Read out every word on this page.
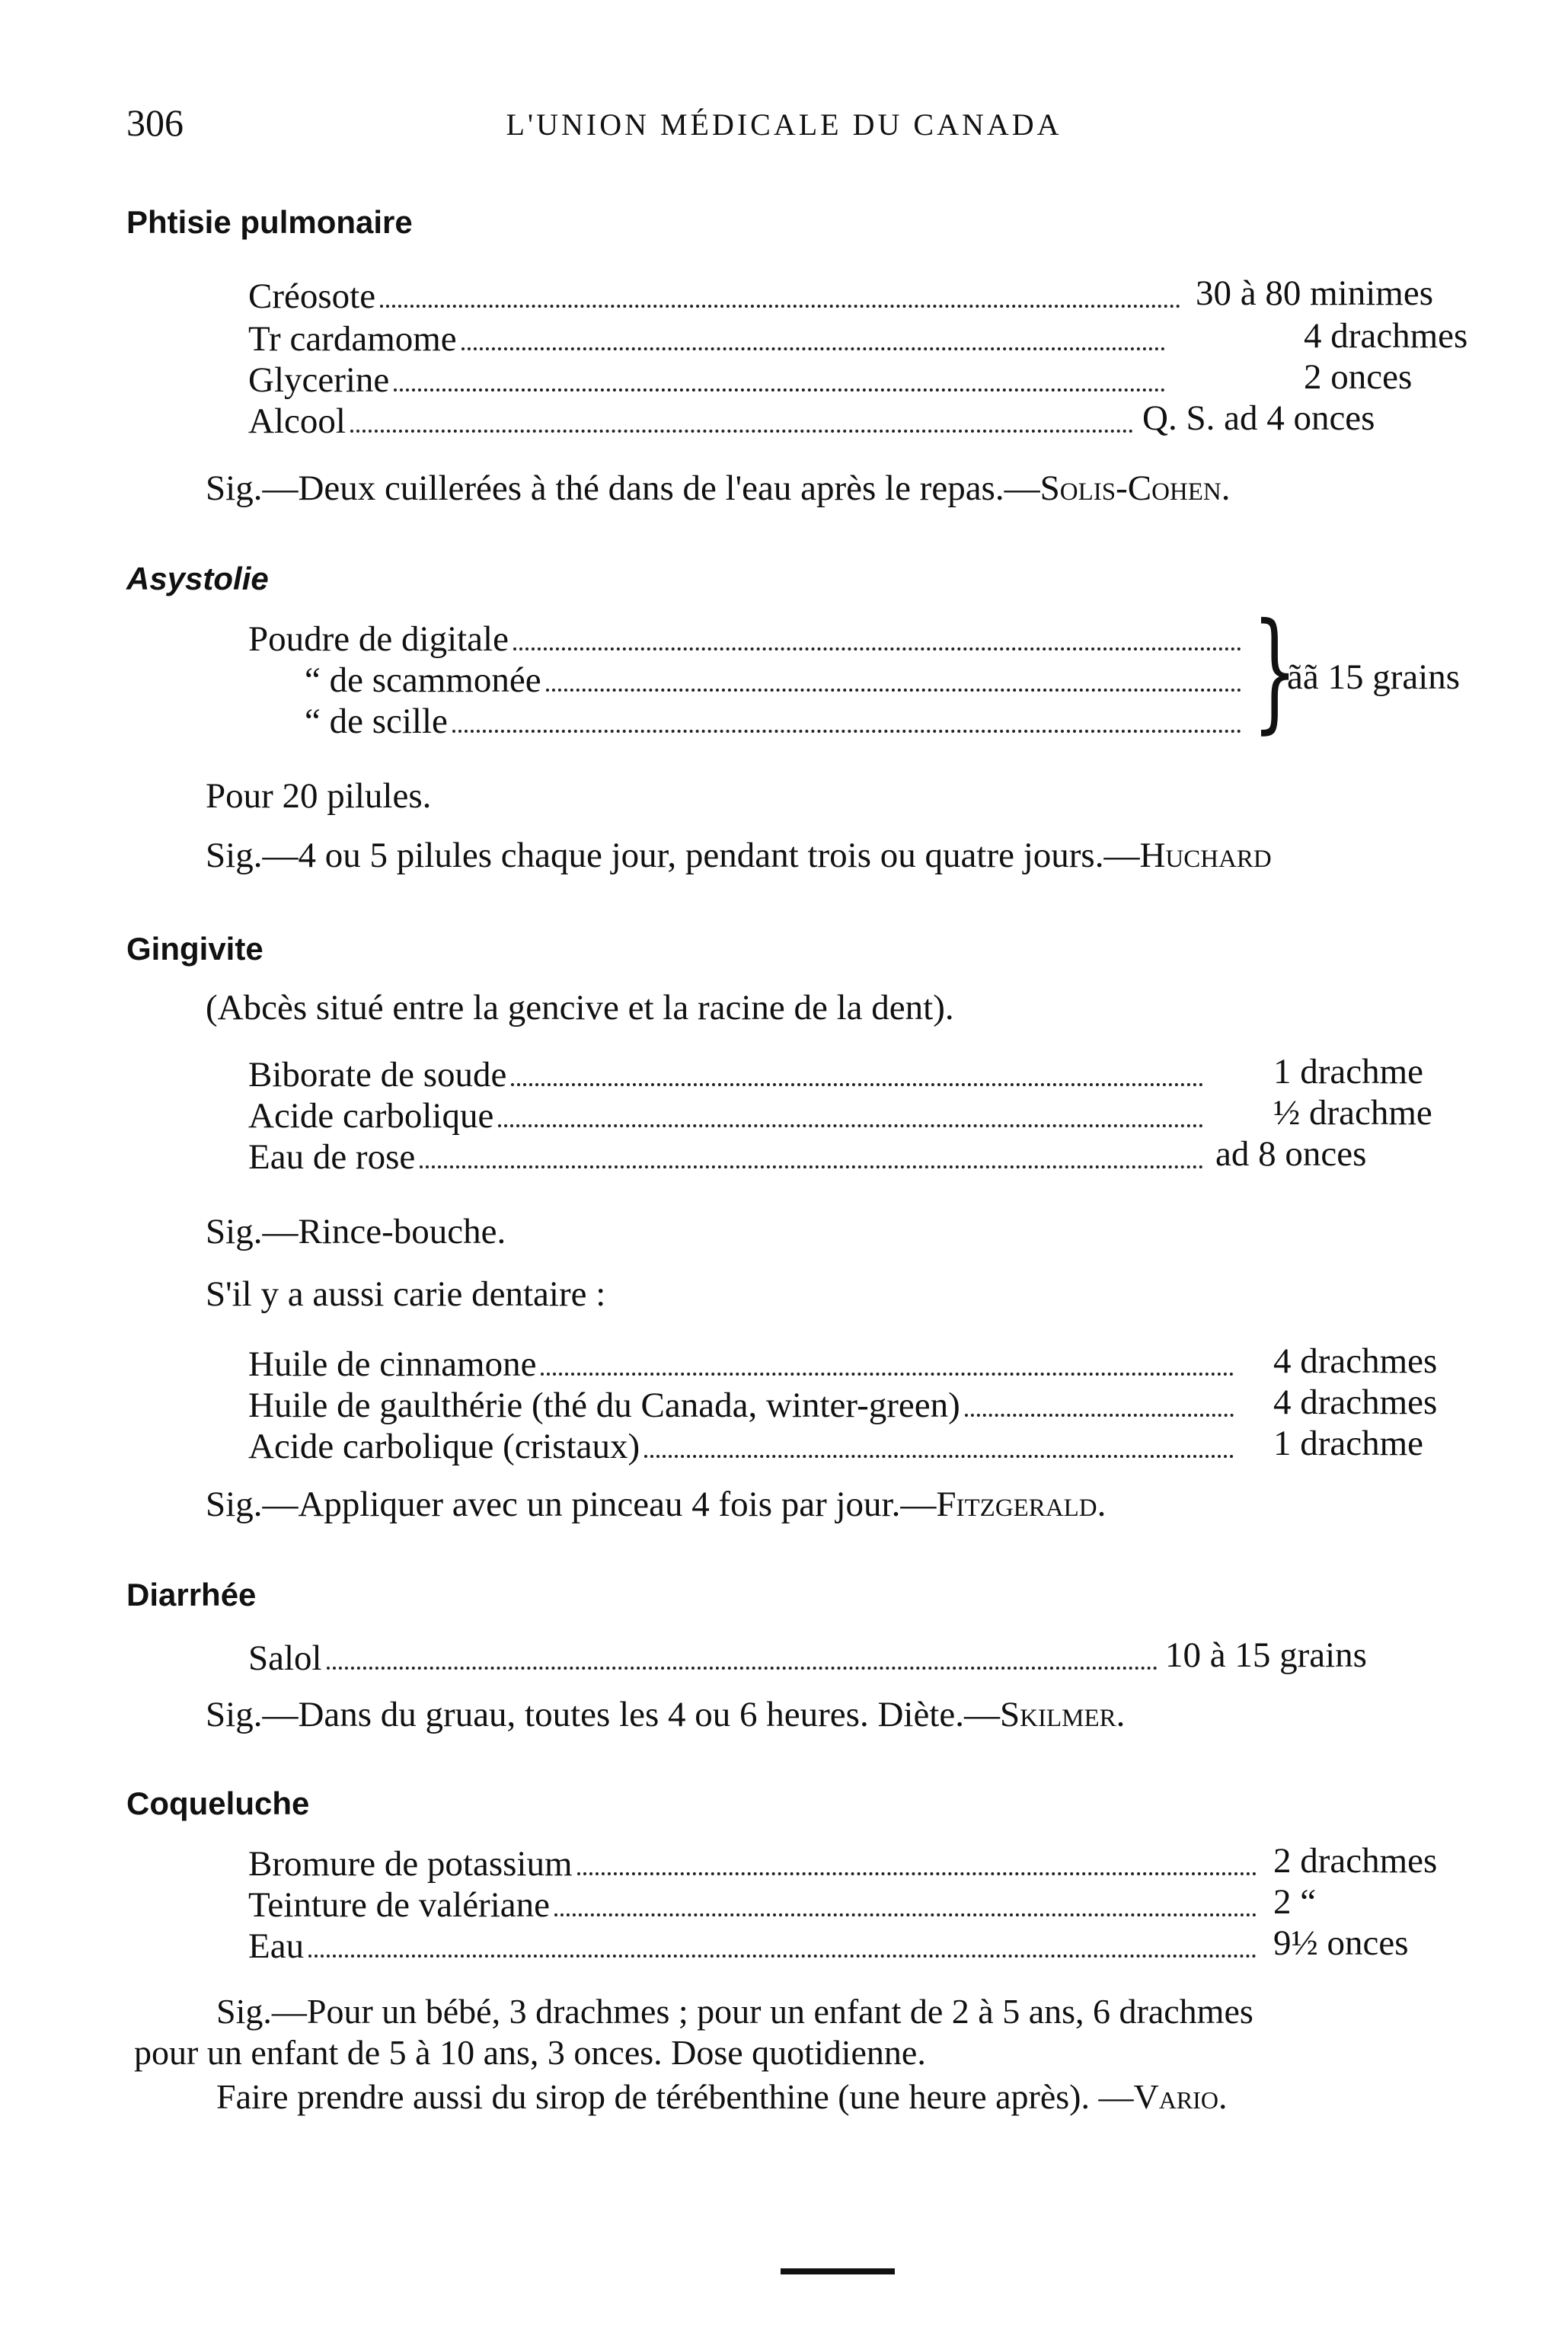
306	L'UNION MÉDICALE DU CANADA
Phtisie pulmonaire
Créosote	30 à 80 minimes
Tr cardamome	4 drachmes
Glycerine	2 onces
Alcool	Q. S. ad 4 onces
Sig.—Deux cuillerées à thé dans de l'eau après le repas.—Solis-Cohen.
Asystolie
Poudre de digitale
“ de scammonée
“ de scille	}
ãã 15 grains
Pour 20 pilules.
Sig.—4 ou 5 pilules chaque jour, pendant trois ou quatre jours.—Huchard
Gingivite
(Abcès situé entre la gencive et la racine de la dent).
Biborate de soude	1 drachme
Acide carbolique	½ drachme
Eau de rose	ad 8 onces
Sig.—Rince-bouche.
S'il y a aussi carie dentaire :
Huile de cinnamone	4 drachmes
Huile de gaulthérie (thé du Canada, winter-green)	4 drachmes
Acide carbolique (cristaux)	1 drachme
Sig.—Appliquer avec un pinceau 4 fois par jour.—Fitzgerald.
Diarrhée
Salol	10 à 15 grains
Sig.—Dans du gruau, toutes les 4 ou 6 heures. Diète.—Skilmer.
Coqueluche
Bromure de potassium	2 drachmes
Teinture de valériane	2 “
Eau	9½ onces
Sig.—Pour un bébé, 3 drachmes ; pour un enfant de 2 à 5 ans, 6 drachmes
pour un enfant de 5 à 10 ans, 3 onces. Dose quotidienne.
Faire prendre aussi du sirop de térébenthine (une heure après). —Vario.
